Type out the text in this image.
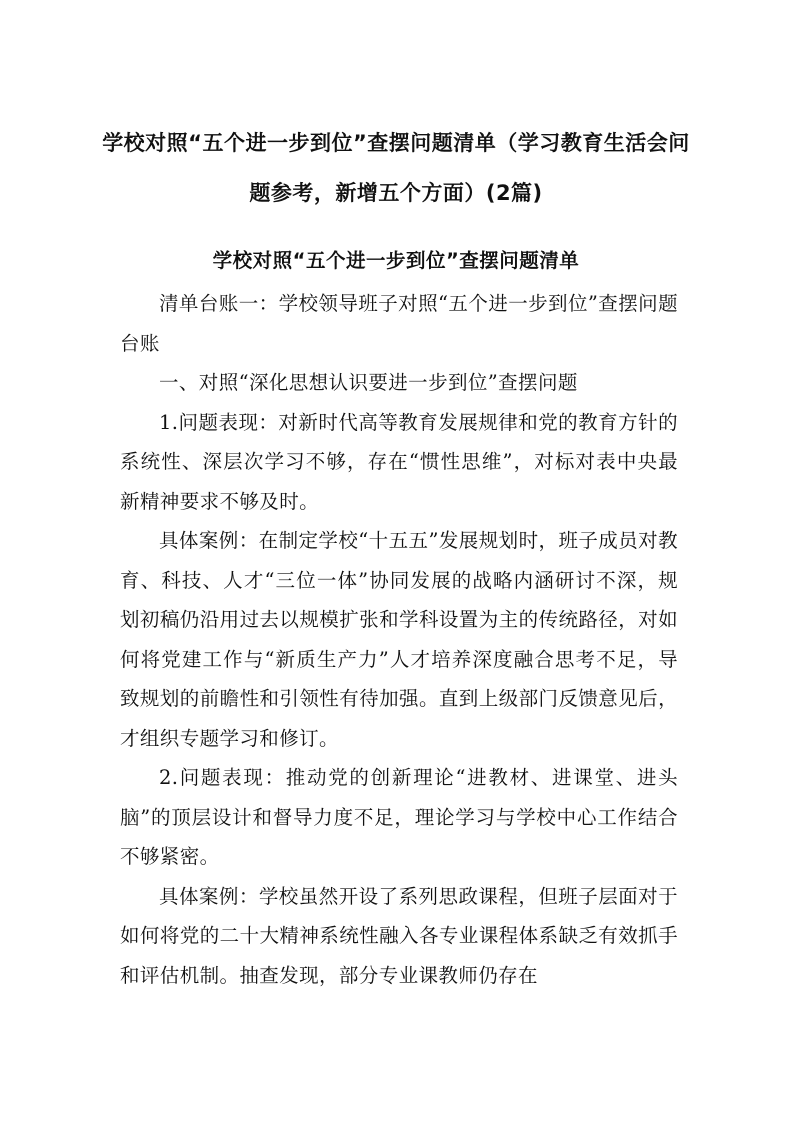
学校对照“五个进一步到位”查摆问题清单（学习教育生活会问题参考，新增五个方面）(2篇)
学校对照“五个进一步到位”查摆问题清单

清单台账一：学校领导班子对照“五个进一步到位”查摆问题台账

一、对照“深化思想认识要进一步到位”查摆问题

1.问题表现：对新时代高等教育发展规律和党的教育方针的系统性、深层次学习不够，存在“惯性思维”，对标对表中央最新精神要求不够及时。

具体案例：在制定学校“十五五”发展规划时，班子成员对教育、科技、人才“三位一体”协同发展的战略内涵研讨不深，规划初稿仍沿用过去以规模扩张和学科设置为主的传统路径，对如何将党建工作与“新质生产力”人才培养深度融合思考不足，导致规划的前瞻性和引领性有待加强。直到上级部门反馈意见后，才组织专题学习和修订。

2.问题表现：推动党的创新理论“进教材、进课堂、进头脑”的顶层设计和督导力度不足，理论学习与学校中心工作结合不够紧密。

具体案例：学校虽然开设了系列思政课程，但班子层面对于如何将党的二十大精神系统性融入各专业课程体系缺乏有效抓手和评估机制。抽查发现，部分专业课教师仍存在
